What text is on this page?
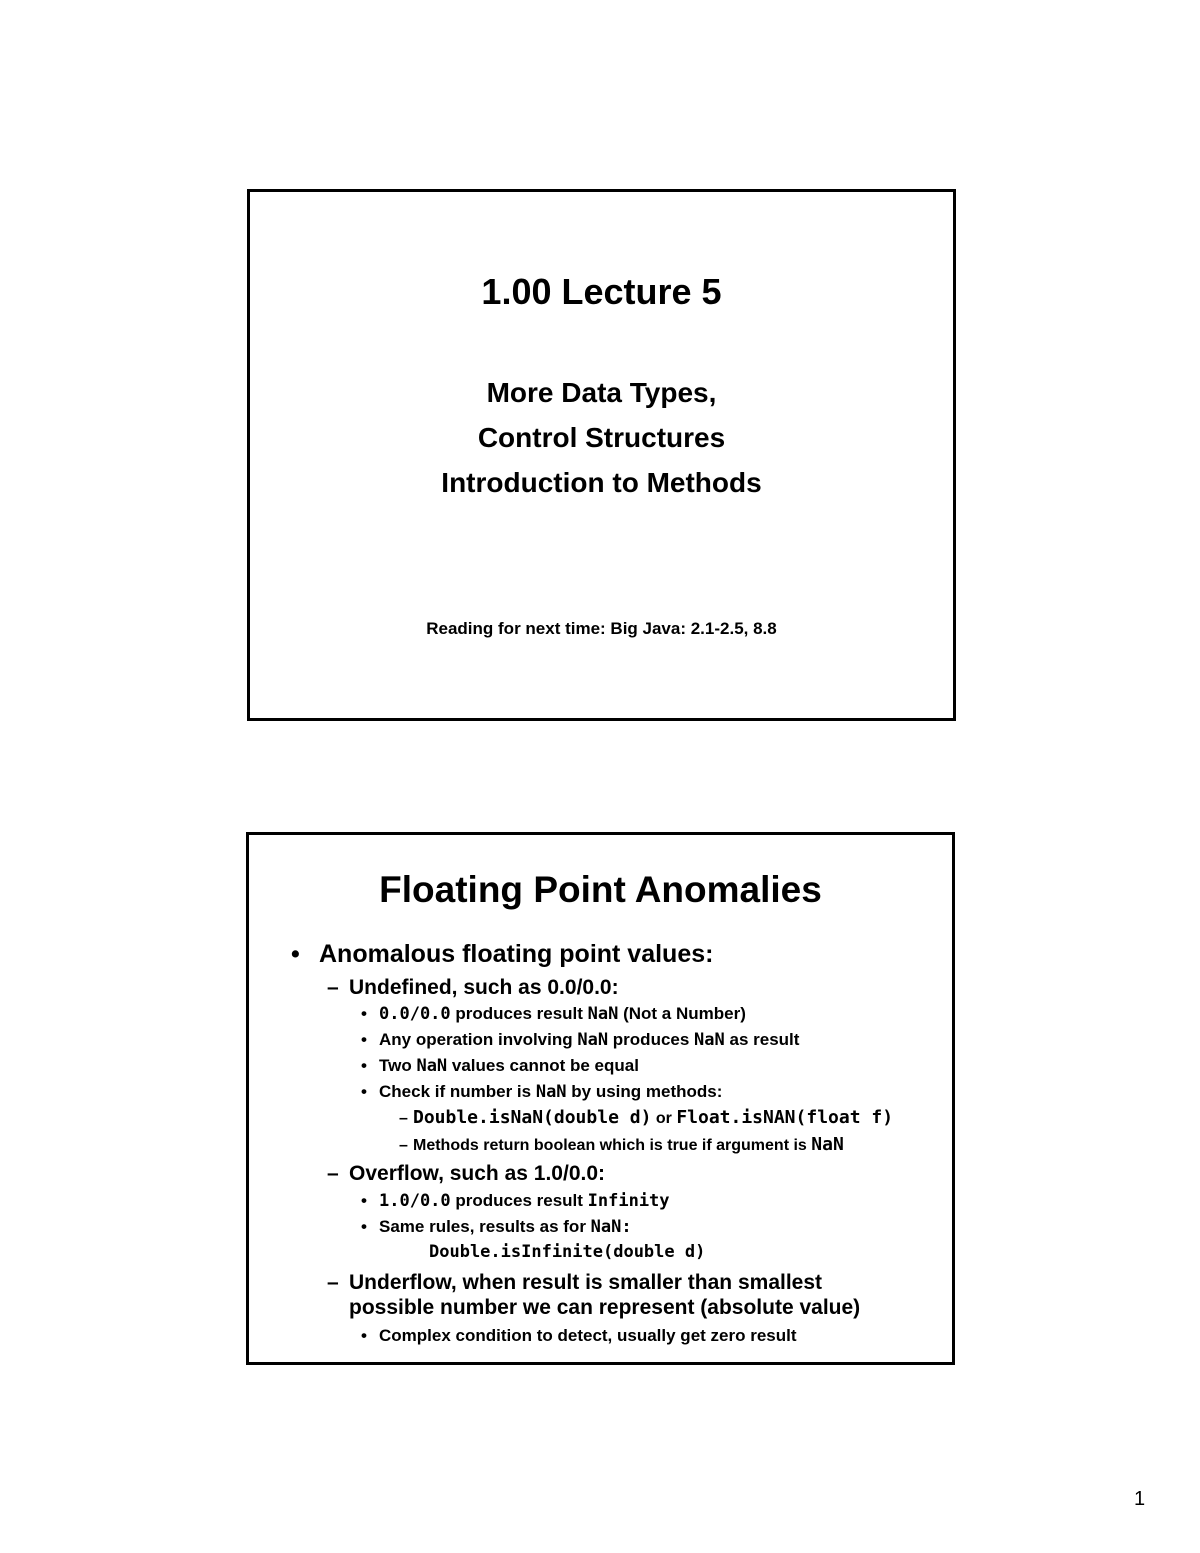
1.00 Lecture 5
More Data Types,
Control Structures
Introduction to Methods
Reading for next time: Big Java: 2.1-2.5, 8.8
Floating Point Anomalies
• Anomalous floating point values:
– Undefined, such as 0.0/0.0:
• 0.0/0.0 produces result NaN (Not a Number)
• Any operation involving NaN produces NaN as result
• Two NaN values cannot be equal
• Check if number is NaN by using methods:
– Double.isNaN(double d) or Float.isNAN(float f)
– Methods return boolean which is true if argument is NaN
– Overflow, such as 1.0/0.0:
• 1.0/0.0 produces result Infinity
• Same rules, results as for NaN:
Double.isInfinite(double d)
– Underflow, when result is smaller than smallest
possible number we can represent (absolute value)
• Complex condition to detect, usually get zero result
1
